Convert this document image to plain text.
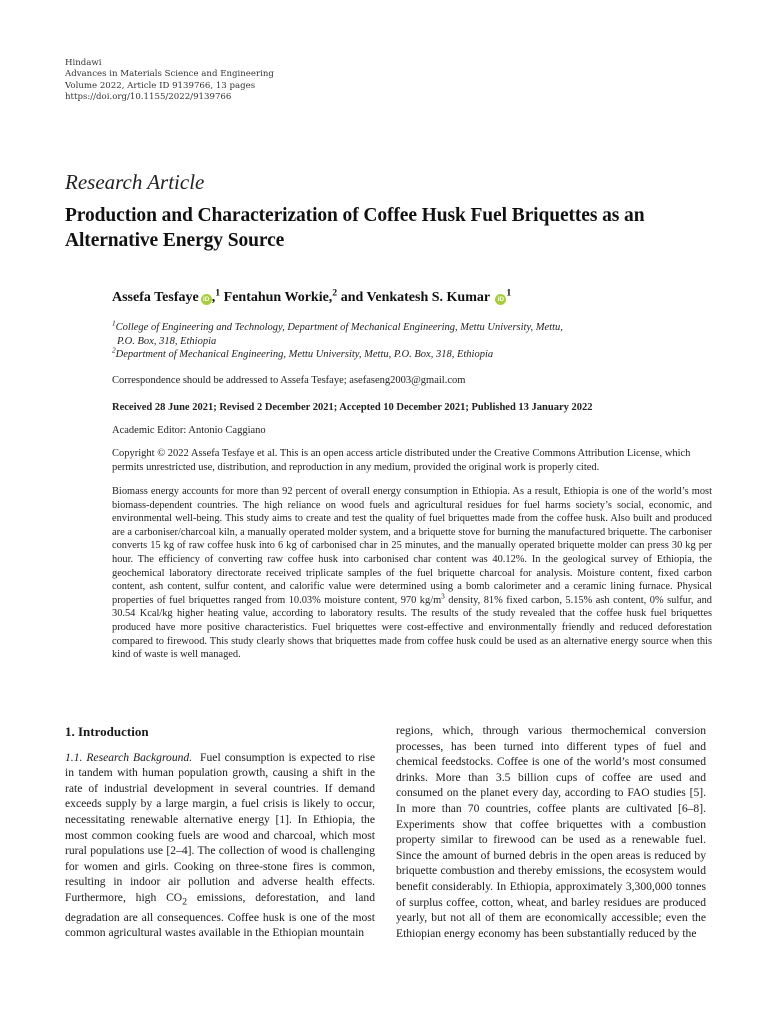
Hindawi
Advances in Materials Science and Engineering
Volume 2022, Article ID 9139766, 13 pages
https://doi.org/10.1155/2022/9139766
Research Article
Production and Characterization of Coffee Husk Fuel Briquettes as an Alternative Energy Source
Assefa Tesfaye iD ,$^1$ Fentahun Workie,$^2$ and Venkatesh S. Kumar $iD^1$
$^1$College of Engineering and Technology, Department of Mechanical Engineering, Mettu University, Mettu,
P.O. Box, 318, Ethiopia
$^2$Department of Mechanical Engineering, Mettu University, Mettu, P.O. Box, 318, Ethiopia
Correspondence should be addressed to Assefa Tesfaye; asefaseng2003@gmail.com
Received 28 June 2021; Revised 2 December 2021; Accepted 10 December 2021; Published 13 January 2022
Academic Editor: Antonio Caggiano
Copyright © 2022 Assefa Tesfaye et al. This is an open access article distributed under the Creative Commons Attribution License, which permits unrestricted use, distribution, and reproduction in any medium, provided the original work is properly cited.

Biomass energy accounts for more than 92 percent of overall energy consumption in Ethiopia. As a result, Ethiopia is one of the world’s most biomass-dependent countries. The high reliance on wood fuels and agricultural residues for fuel harms society’s social, economic, and environmental well-being. This study aims to create and test the quality of fuel briquettes made from the coffee husk. Also built and produced are a carboniser/charcoal kiln, a manually operated molder system, and a briquette stove for burning the manufactured briquette. The carboniser converts 15 kg of raw coffee husk into 6 kg of carbonised char in 25 minutes, and the manually operated briquette molder can press 30 kg per hour. The efficiency of converting raw coffee husk into carbonised char content was 40.12%. In the geological survey of Ethiopia, the geochemical laboratory directorate received triplicate samples of the fuel briquette charcoal for analysis. Moisture content, fixed carbon content, ash content, sulfur content, and calorific value were determined using a bomb calorimeter and a ceramic lining furnace. Physical properties of fuel briquettes ranged from 10.03% moisture content, 970 $kg/m^3$ density, 81% fixed carbon, 5.15% ash content, 0% sulfur, and 30.54 Kcal/kg higher heating value, according to laboratory results. The results of the study revealed that the coffee husk fuel briquettes produced have more positive characteristics. Fuel briquettes were cost-effective and environmentally friendly and reduced deforestation compared to firewood. This study clearly shows that briquettes made from coffee husk could be used as an alternative energy source when this kind of waste is well managed.

1. Introduction

1.1. Research Background. Fuel consumption is expected to rise in tandem with human population growth, causing a shift in the rate of industrial development in several countries. If demand exceeds supply by a large margin, a fuel crisis is likely to occur, necessitating renewable alternative energy [1]. In Ethiopia, the most common cooking fuels are wood and charcoal, which most rural populations use [2–4]. The collection of wood is challenging for women and girls. Cooking on three-stone fires is common, resulting in indoor air pollution and adverse health effects. Furthermore, high $CO_2$ emissions, deforestation, and land degradation are all consequences. Coffee husk is one of the most common agricultural wastes available in the Ethiopian mountain

regions, which, through various thermochemical conversion processes, has been turned into different types of fuel and chemical feedstocks. Coffee is one of the world’s most consumed drinks. More than 3.5 billion cups of coffee are used and consumed on the planet every day, according to FAO studies [5]. In more than 70 countries, coffee plants are cultivated [6–8]. Experiments show that coffee briquettes with a combustion property similar to firewood can be used as a renewable fuel. Since the amount of burned debris in the open areas is reduced by briquette combustion and thereby emissions, the ecosystem would benefit considerably. In Ethiopia, approximately 3,300,000 tonnes of surplus coffee, cotton, wheat, and barley residues are produced yearly, but not all of them are economically accessible; even the Ethiopian energy economy has been substantially reduced by the
